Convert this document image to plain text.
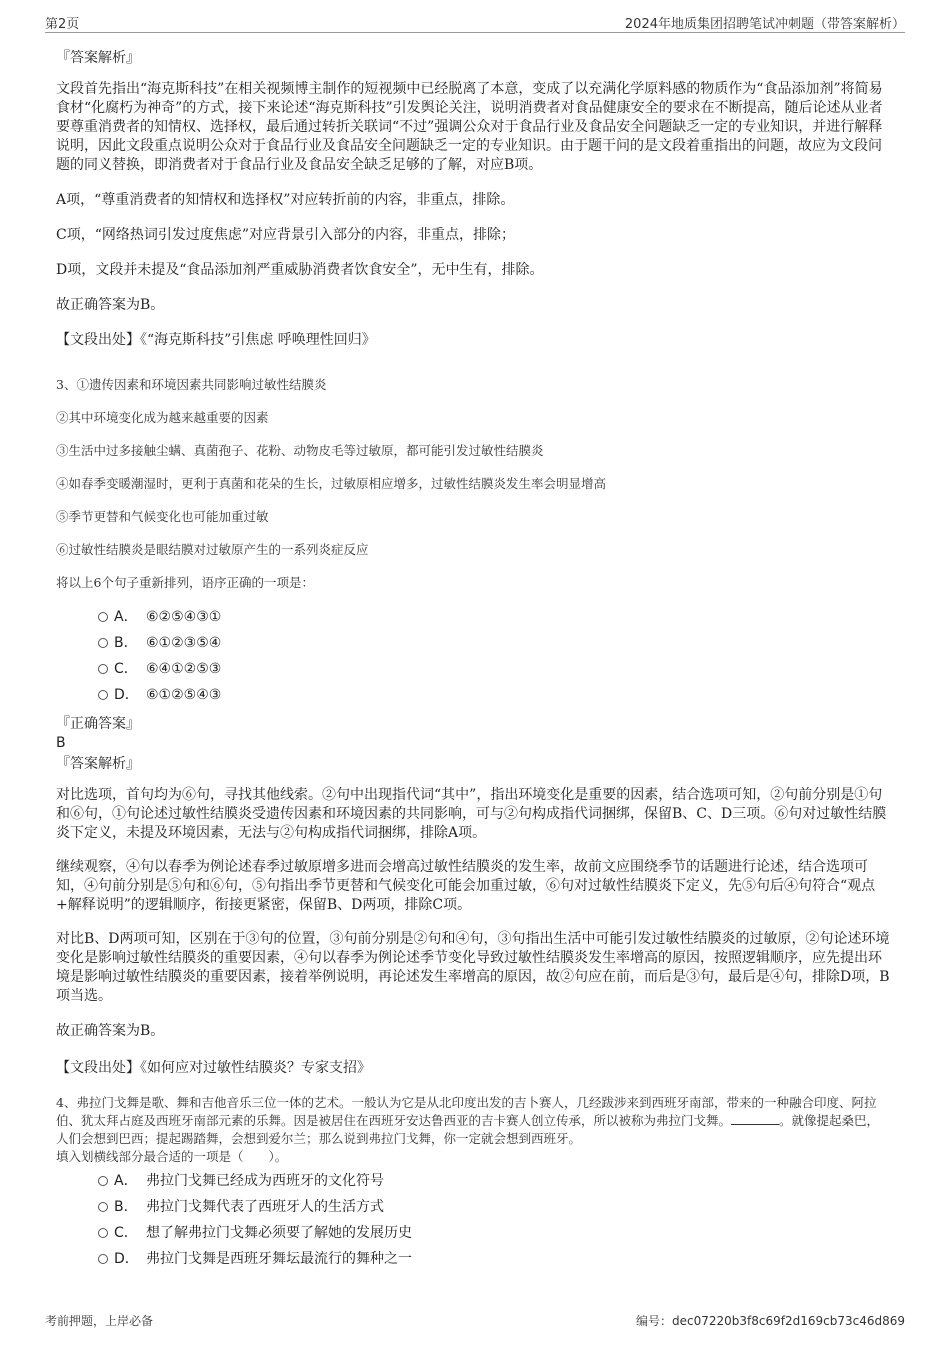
第2页	2024年地质集团招聘笔试冲刺题（带答案解析）

『答案解析』

文段首先指出“海克斯科技”在相关视频博主制作的短视频中已经脱离了本意，变成了以充满化学原料感的物质作为“食品添加剂”将简易食材“化腐朽为神奇”的方式，接下来论述“海克斯科技”引发舆论关注，说明消费者对食品健康安全的要求在不断提高，随后论述从业者要尊重消费者的知情权、选择权，最后通过转折关联词“不过”强调公众对于食品行业及食品安全问题缺乏一定的专业知识，并进行解释说明，因此文段重点说明公众对于食品行业及食品安全问题缺乏一定的专业知识。由于题干问的是文段着重指出的问题，故应为文段问题的同义替换，即消费者对于食品行业及食品安全缺乏足够的了解，对应B项。

A项，“尊重消费者的知情权和选择权”对应转折前的内容，非重点，排除。

C项，“网络热词引发过度焦虑”对应背景引入部分的内容，非重点，排除；

D项，文段并未提及“食品添加剂严重威胁消费者饮食安全”，无中生有，排除。

故正确答案为B。

【文段出处】《“海克斯科技”引焦虑 呼唤理性回归》

3、①遗传因素和环境因素共同影响过敏性结膜炎

②其中环境变化成为越来越重要的因素

③生活中过多接触尘螨、真菌孢子、花粉、动物皮毛等过敏原，都可能引发过敏性结膜炎

④如春季变暖潮湿时，更利于真菌和花朵的生长，过敏原相应增多，过敏性结膜炎发生率会明显增高

⑤季节更替和气候变化也可能加重过敏

⑥过敏性结膜炎是眼结膜对过敏原产生的一系列炎症反应

将以上6个句子重新排列，语序正确的一项是：

A． ⑥②⑤④③①
B． ⑥①②③⑤④
C． ⑥④①②⑤③
D． ⑥①②⑤④③

『正确答案』

B

『答案解析』

对比选项，首句均为⑥句，寻找其他线索。②句中出现指代词“其中”，指出环境变化是重要的因素，结合选项可知，②句前分别是①句和⑥句，①句论述过敏性结膜炎受遗传因素和环境因素的共同影响，可与②句构成指代词捆绑，保留B、C、D三项。⑥句对过敏性结膜炎下定义，未提及环境因素，无法与②句构成指代词捆绑，排除A项。

继续观察，④句以春季为例论述春季过敏原增多进而会增高过敏性结膜炎的发生率，故前文应围绕季节的话题进行论述，结合选项可知，④句前分别是⑤句和⑥句，⑤句指出季节更替和气候变化可能会加重过敏，⑥句对过敏性结膜炎下定义，先⑤句后④句符合“观点+解释说明”的逻辑顺序，衔接更紧密，保留B、D两项，排除C项。

对比B、D两项可知，区别在于③句的位置，③句前分别是②句和④句，③句指出生活中可能引发过敏性结膜炎的过敏原，②句论述环境变化是影响过敏性结膜炎的重要因素，④句以春季为例论述季节变化导致过敏性结膜炎发生率增高的原因，按照逻辑顺序，应先提出环境是影响过敏性结膜炎的重要因素，接着举例说明，再论述发生率增高的原因，故②句应在前，而后是③句，最后是④句，排除D项，B项当选。

故正确答案为B。

【文段出处】《如何应对过敏性结膜炎？专家支招》

4、弗拉门戈舞是歌、舞和吉他音乐三位一体的艺术。一般认为它是从北印度出发的吉卜赛人，几经跋涉来到西班牙南部，带来的一种融合印度、阿拉伯、犹太拜占庭及西班牙南部元素的乐舞。因是被居住在西班牙安达鲁西亚的吉卡赛人创立传承，所以被称为弗拉门戈舞。	。就像提起桑巴，人们会想到巴西；提起踢踏舞，会想到爱尔兰；那么说到弗拉门戈舞，你一定就会想到西班牙。

填入划横线部分最合适的一项是（　　）。

A． 弗拉门戈舞已经成为西班牙的文化符号
B． 弗拉门戈舞代表了西班牙人的生活方式
C． 想了解弗拉门戈舞必须要了解她的发展历史
D． 弗拉门戈舞是西班牙舞坛最流行的舞种之一
考前押题，上岸必备	编号：dec07220b3f8c69f2d169cb73c46d869
